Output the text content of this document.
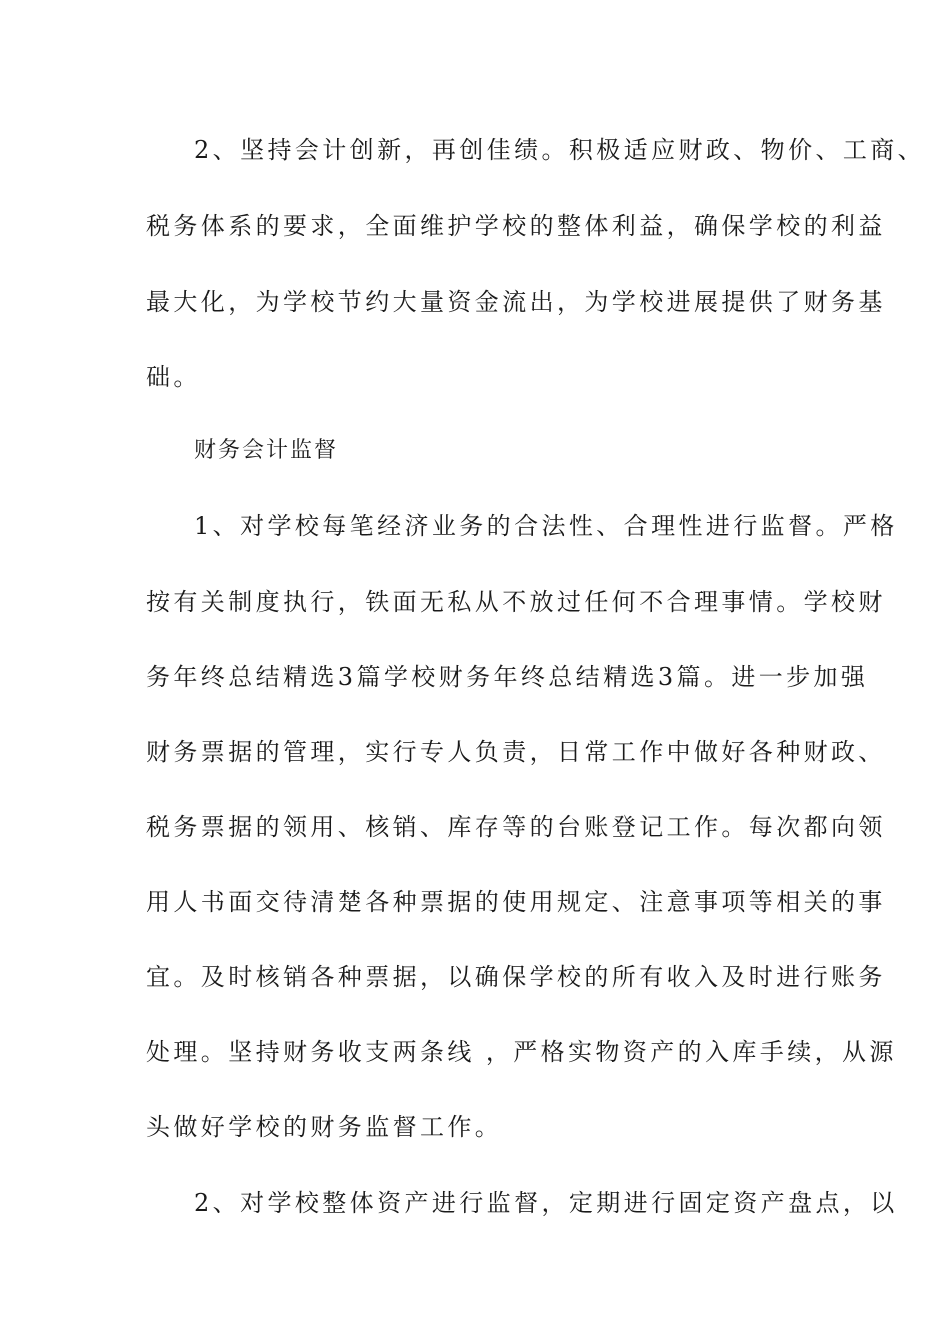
2、坚持会计创新，再创佳绩。积极适应财政、物价、工商、

税务体系的要求，全面维护学校的整体利益，确保学校的利益

最大化，为学校节约大量资金流出，为学校进展提供了财务基

础。

财务会计监督

1、对学校每笔经济业务的合法性、合理性进行监督。严格

按有关制度执行，铁面无私从不放过任何不合理事情。学校财

务年终总结精选3篇学校财务年终总结精选3篇。进一步加强

财务票据的管理，实行专人负责，日常工作中做好各种财政、

税务票据的领用、核销、库存等的台账登记工作。每次都向领

用人书面交待清楚各种票据的使用规定、注意事项等相关的事

宜。及时核销各种票据，以确保学校的所有收入及时进行账务

处理。坚持财务收支两条线 ，严格实物资产的入库手续，从源

头做好学校的财务监督工作。

2、对学校整体资产进行监督，定期进行固定资产盘点，以
